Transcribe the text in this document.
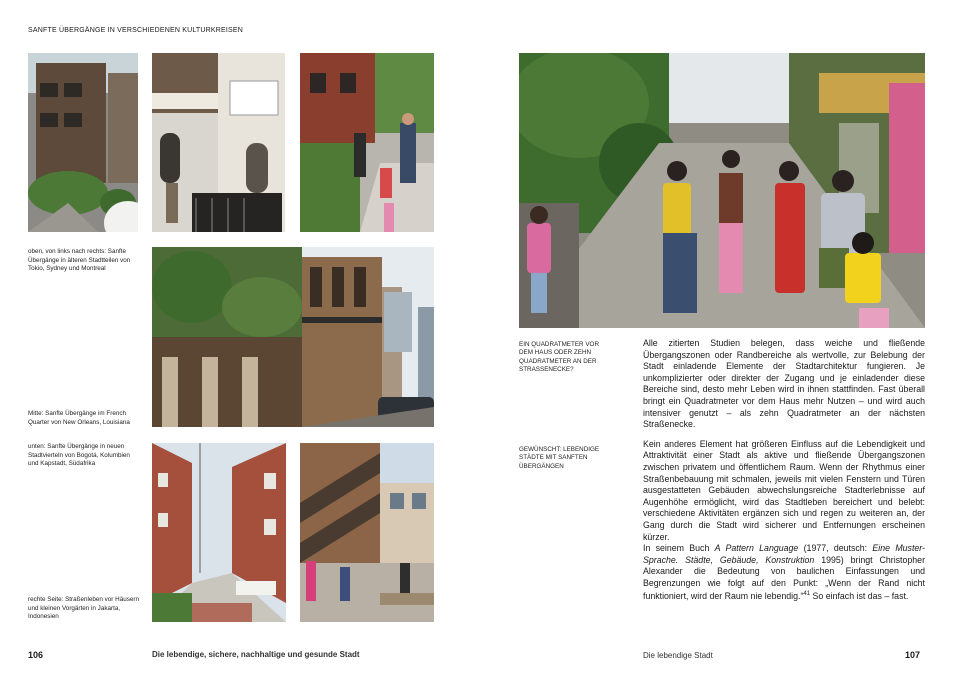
SANFTE ÜBERGÄNGE IN VERSCHIEDENEN KULTURKREISEN
oben, von links nach rechts: Sanfte Übergänge in älteren Stadtteilen von Tokio, Sydney und Montreal
Mitte: Sanfte Übergänge im French Quarter von New Orleans, Louisiana
unten: Sanfte Übergänge in neuen Stadtvierteln von Bogotá, Kolumbien und Kapstadt, Südafrika
rechte Seite: Straßenleben vor Häusern und kleinen Vorgärten in Jakarta, Indonesien
106	Die lebendige, sichere, nachhaltige und gesunde Stadt
EIN QUADRATMETER VOR DEM HAUS ODER ZEHN QUADRATMETER AN DER STRASSENECKE?
GEWÜNSCHT: LEBENDIGE STÄDTE MIT SANFTEN ÜBERGÄNGEN

Alle zitierten Studien belegen, dass weiche und fließende Übergangszonen oder Randbereiche als wertvolle, zur Belebung der Stadt einladende Elemente der Stadtarchitektur fungieren. Je unkomplizierter oder direkter der Zugang und je einladender diese Bereiche sind, desto mehr Leben wird in ihnen stattfinden. Fast überall bringt ein Quadratmeter vor dem Haus mehr Nutzen – und wird auch intensiver genutzt – als zehn Quadratmeter an der nächsten Straßenecke.

Kein anderes Element hat größeren Einfluss auf die Lebendigkeit und Attraktivität einer Stadt als aktive und fließende Übergangszonen zwischen privatem und öffentlichem Raum. Wenn der Rhythmus einer Straßenbebauung mit schmalen, jeweils mit vielen Fenstern und Türen ausgestatteten Gebäuden abwechslungsreiche Stadterlebnisse auf Augenhöhe ermöglicht, wird das Stadtleben bereichert und belebt: verschiedene Aktivitäten ergänzen sich und regen zu weiteren an, der Gang durch die Stadt wird sicherer und Entfernungen erscheinen kürzer.

In seinem Buch A Pattern Language (1977, deutsch: Eine Muster-Sprache. Städte, Gebäude, Konstruktion 1995) bringt Christopher Alexander die Bedeutung von baulichen Einfassungen und Begrenzungen wie folgt auf den Punkt: „Wenn der Rand nicht funktioniert, wird der Raum nie lebendig.“$^{41}$ So einfach ist das – fast.

Die lebendige Stadt	107
